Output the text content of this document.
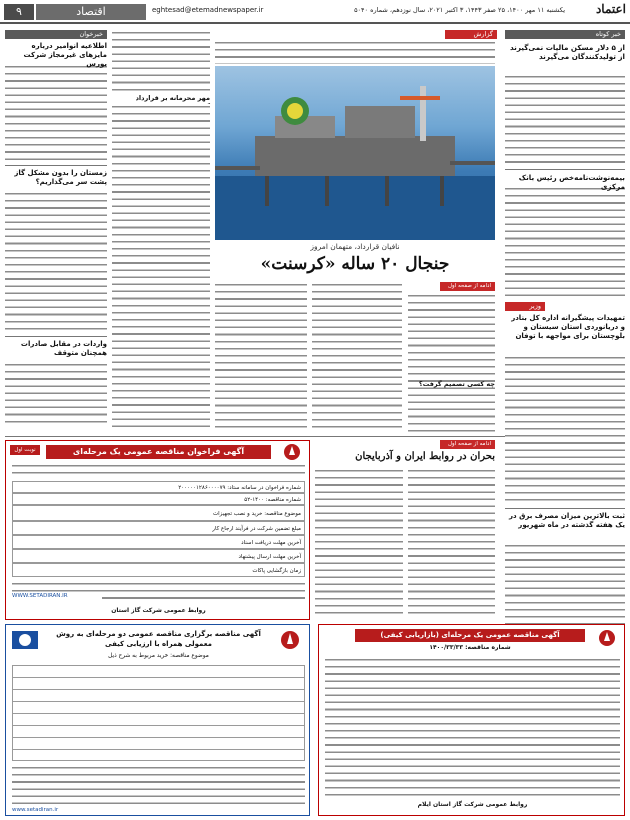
۹	اقتصاد	eghtesad@etemadnewspaper.ir	یکشنبه ۱۱ مهر ۱۴۰۰، ۲۵ صفر ۱۴۴۳، ۳ اکتبر ۲۰۲۱، سال نوزدهم، شماره ۵۰۴۰	اعتماد
خبر کوتاه
از ۵ دلار مسکن مالیات نمی‌گیرند از تولیدکنندگان می‌گیرند
بیمه‌نوشت‌نامه‌خص رئیس بانک مرکزی
وزیر
تمهیدات پیشگیرانه اداره کل بنادر و دریانوردی استان سیستان و بلوچستان برای مواجهه با توفان
ثبت بالاترین میزان مصرف برق در یک هفته گذشته در ماه شهریور
گزارش
نافیان قرارداد، متهمان امروز
جنجال ۲۰ ساله «کرسنت»
ادامه از صفحه اول
چه کسی تصمیم گرفت؟
مهر محرمانه بر قرارداد
خبرخوان
اطلاعیه انوامیر درباره مایزهای غیرمجاز شرکت بورس
زمستان را بدون مشکل گاز پشت سر می‌گذاریم؟
واردات در مقابل صادرات همچنان متوقف
ادامه از صفحه اول
بحران در روابط ایران و آذربایجان
نوبت اول	آگهی فراخوان مناقصه عمومی یک مرحله‌ای
شماره فراخوان در سامانه ستاد: ۲۰۰۰۰۰۱۲۸۶۰۰۰۰۷۹
شماره مناقصه: ۱۴۰۰-۵۲
موضوع مناقصه: خرید و نصب تجهیزات
مبلغ تضمین شرکت در فرآیند ارجاع کار
آخرین مهلت دریافت اسناد
آخرین مهلت ارسال پیشنهاد
زمان بازگشایی پاکات
WWW.SETADIRAN.IR
روابط عمومی شرکت گاز استان
آگهی مناقصه عمومی یک مرحله‌ای (بازاریابی کیفی)
شماره مناقصه: ۱۴۰۰/۳۳/۳۳
روابط عمومی شرکت گاز استان ایلام
آگهی مناقصه برگزاری مناقصه عمومی دو مرحله‌ای به روش معمولی همراه با ارزیابی کیفی
موضوع مناقصه: خرید مربوط به شرح ذیل
www.setadiran.ir
